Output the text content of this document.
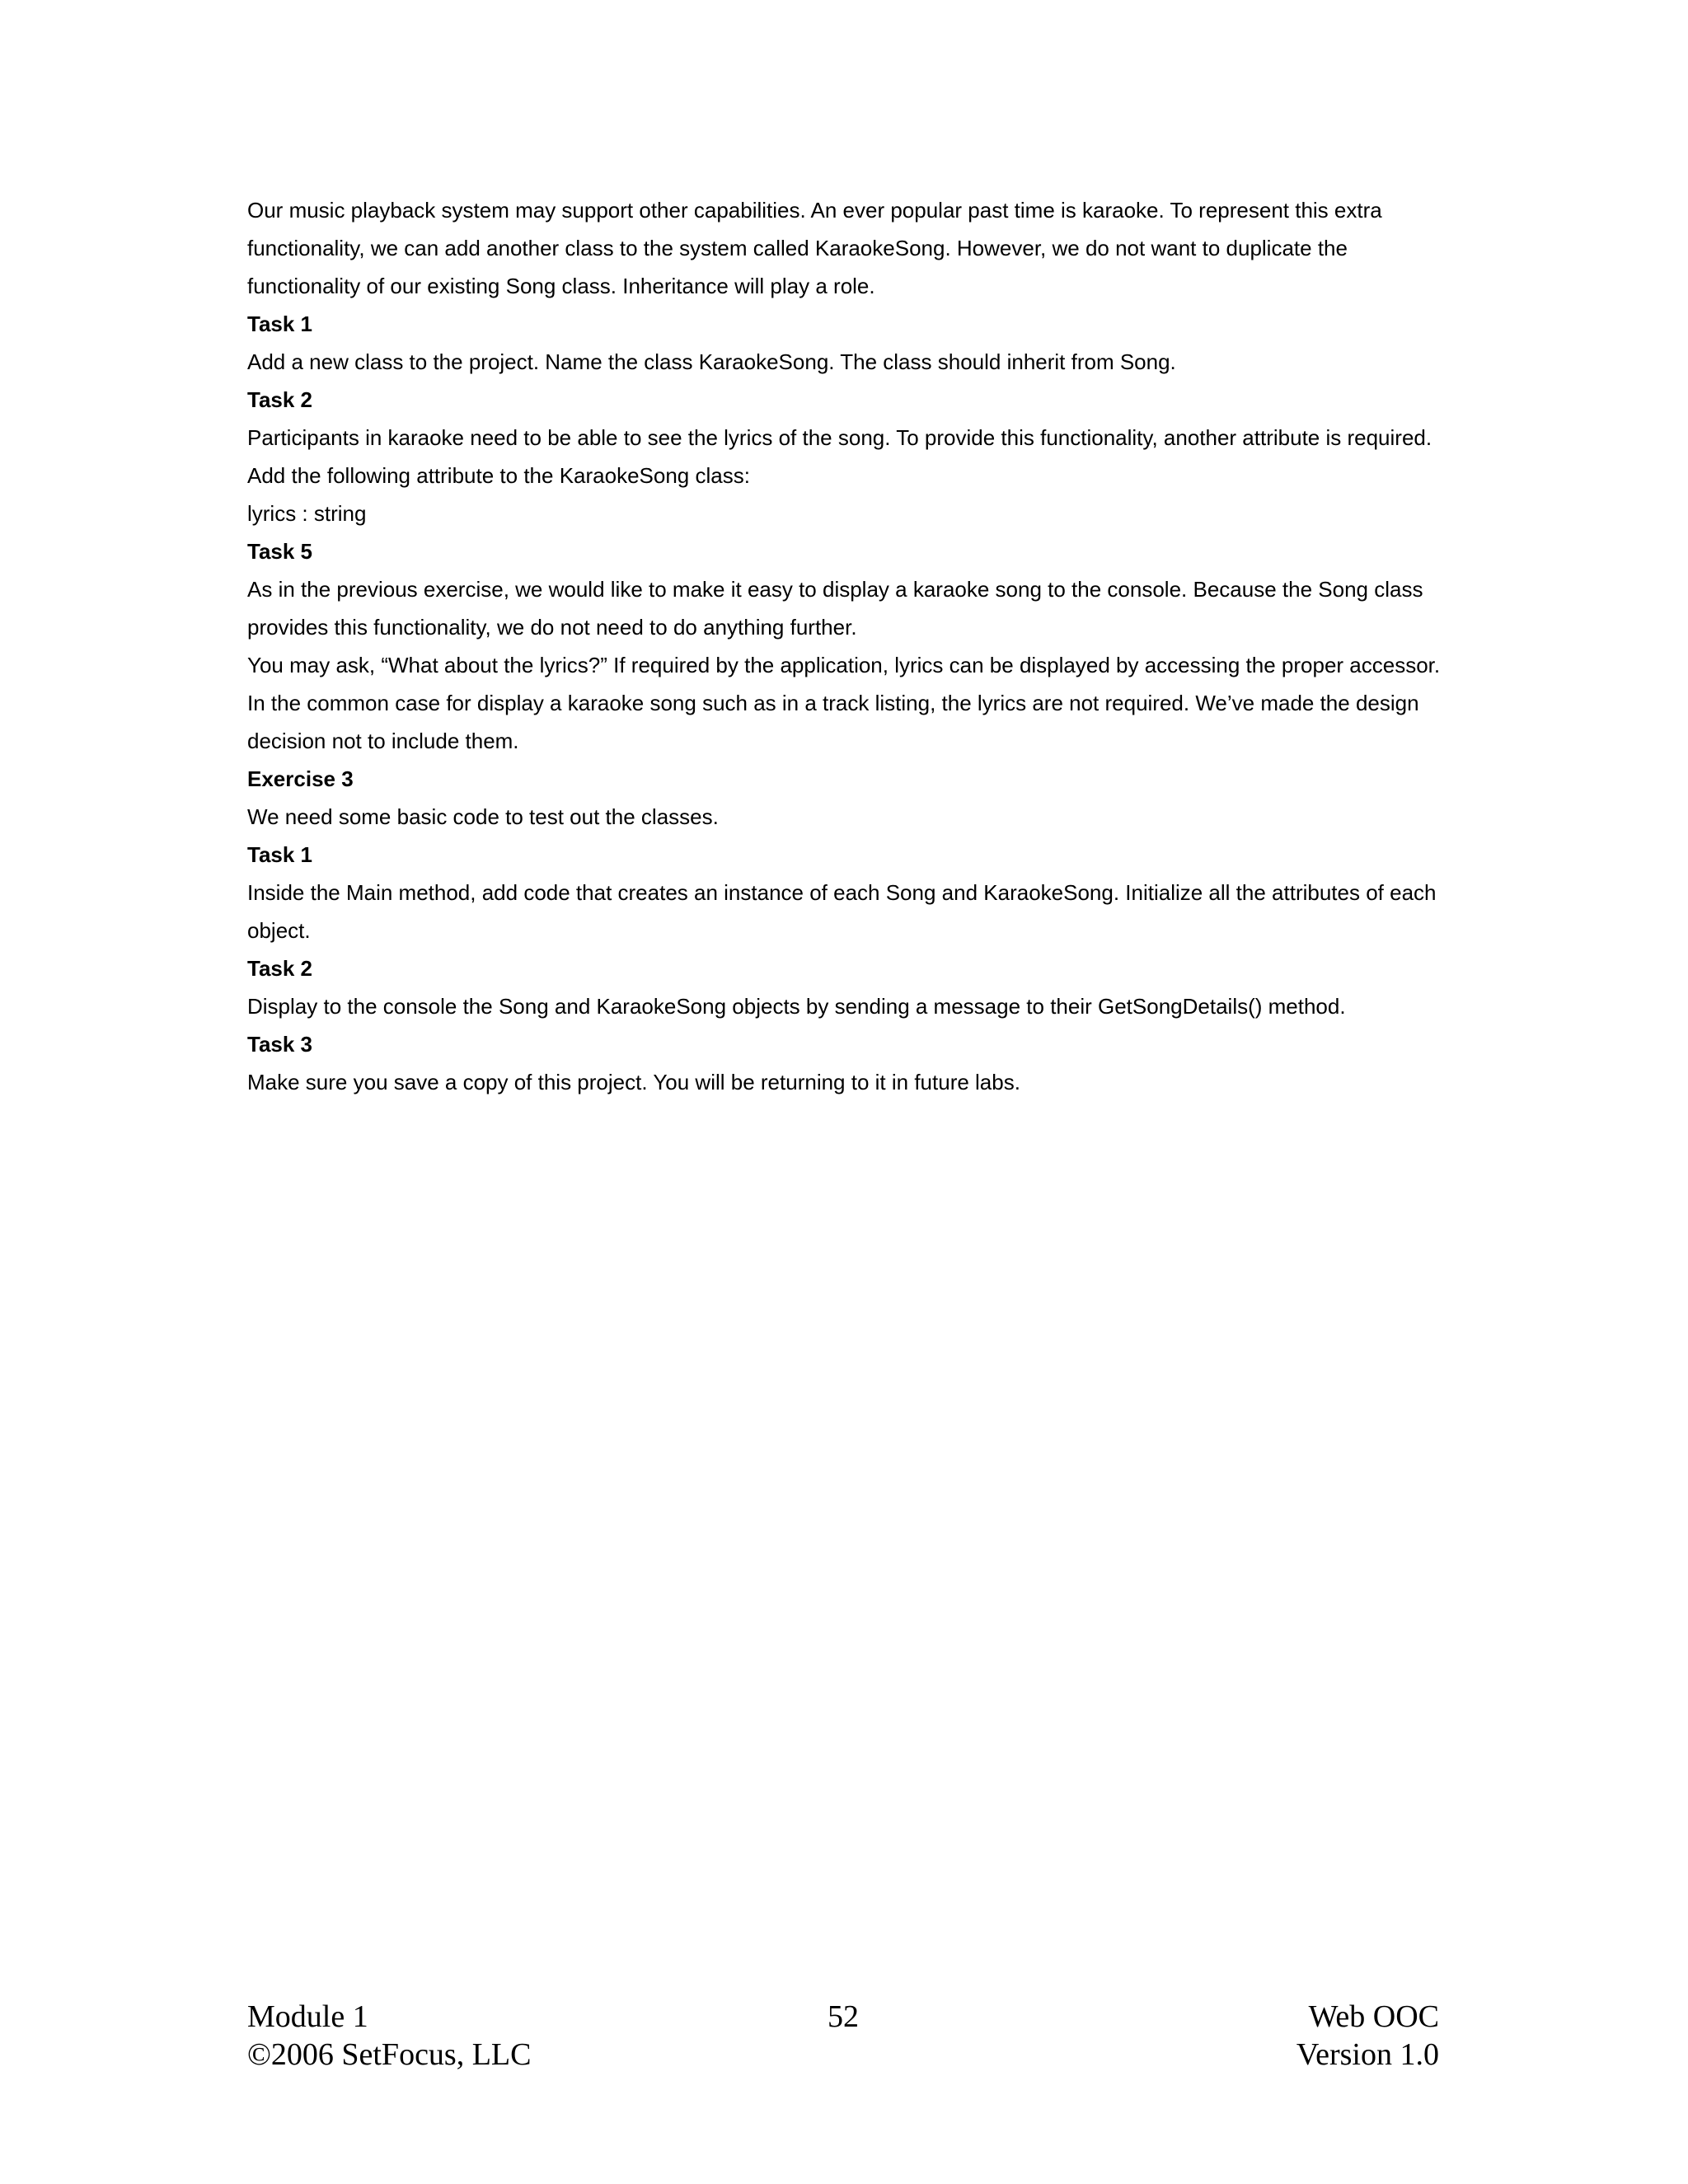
Our music playback system may support other capabilities. An ever popular past time is karaoke. To represent this extra functionality, we can add another class to the system called KaraokeSong. However, we do not want to duplicate the functionality of our existing Song class. Inheritance will play a role.

Task 1

Add a new class to the project. Name the class KaraokeSong. The class should inherit from Song.

Task 2

Participants in karaoke need to be able to see the lyrics of the song. To provide this functionality, another attribute is required.

Add the following attribute to the KaraokeSong class:

lyrics : string

Task 5

As in the previous exercise, we would like to make it easy to display a karaoke song to the console. Because the Song class provides this functionality, we do not need to do anything further.

You may ask, “What about the lyrics?” If required by the application, lyrics can be displayed by accessing the proper accessor. In the common case for display a karaoke song such as in a track listing, the lyrics are not required. We’ve made the design decision not to include them.

Exercise 3

We need some basic code to test out the classes.

Task 1

Inside the Main method, add code that creates an instance of each Song and KaraokeSong. Initialize all the attributes of each object.

Task 2

Display to the console the Song and KaraokeSong objects by sending a message to their GetSongDetails() method.

Task 3

Make sure you save a copy of this project. You will be returning to it in future labs.

Module 1
©2006 SetFocus, LLC
52	Web OOC
Version 1.0
